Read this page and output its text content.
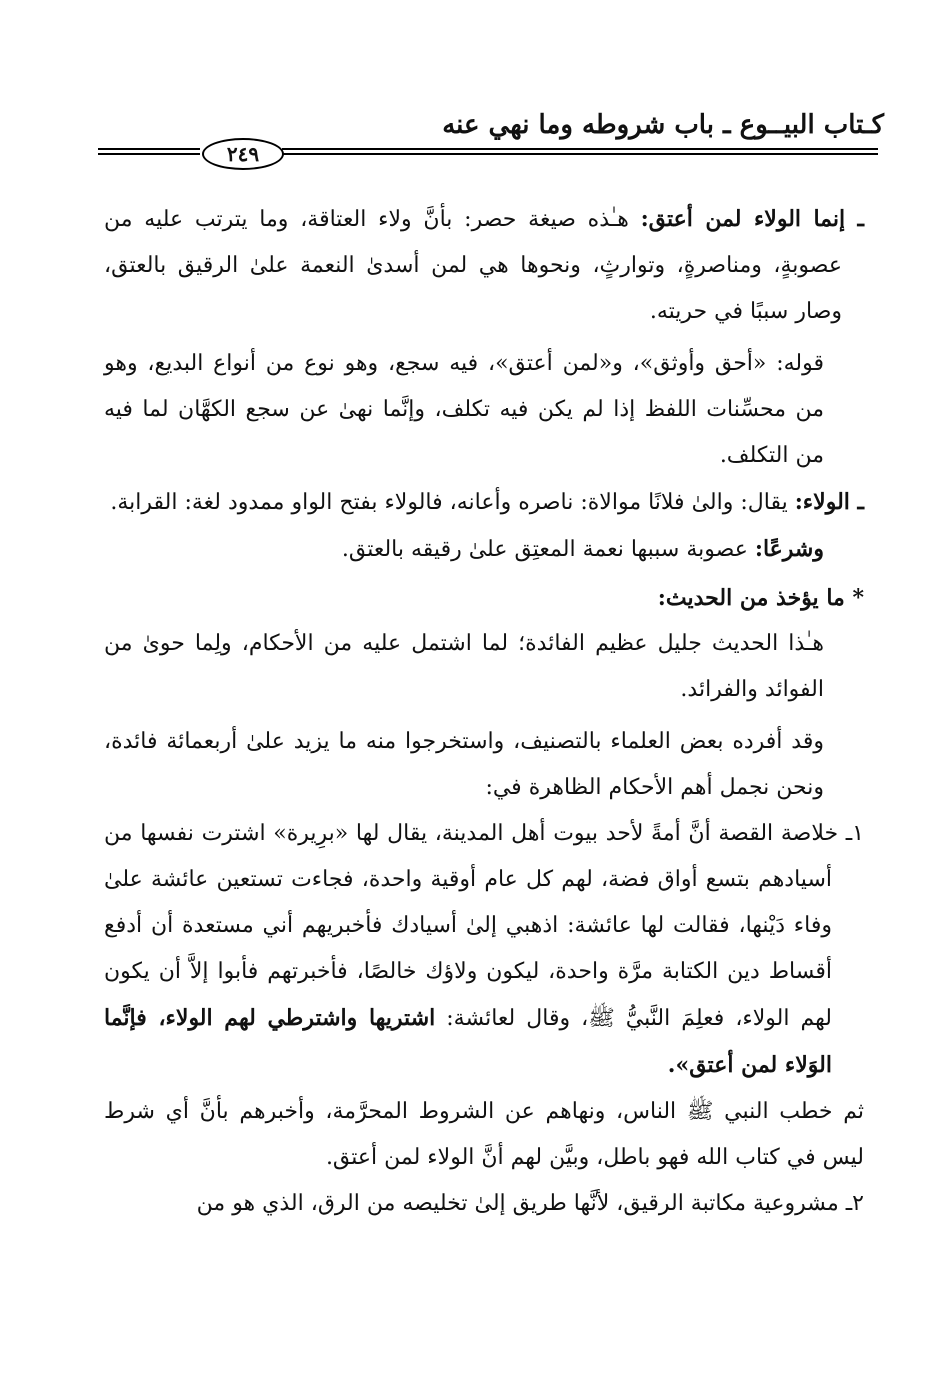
كـتاب البيــوع ـ باب شروطه وما نهي عنه
٢٤٩

ـ إنما الولاء لمن أعتق: هـٰذه صيغة حصر: بأنَّ ولاء العتاقة، وما يترتب عليه من عصوبةٍ، ومناصرةٍ، وتوارثٍ، ونحوها هي لمن أسدىٰ النعمة علىٰ الرقيق بالعتق، وصار سببًا في حريته.

قوله: «أحق وأوثق»، و«لمن أعتق»، فيه سجع، وهو نوع من أنواع البديع، وهو من محسِّنات اللفظ إذا لم يكن فيه تكلف، وإنَّما نهىٰ عن سجع الكهَّان لما فيه من التكلف.

ـ الولاء: يقال: والىٰ فلانًا موالاة: ناصره وأعانه، فالولاء بفتح الواو ممدود لغة: القرابة.

وشرعًا: عصوبة سببها نعمة المعتِق علىٰ رقيقه بالعتق.

* ما يؤخذ من الحديث:

هـٰذا الحديث جليل عظيم الفائدة؛ لما اشتمل عليه من الأحكام، ولِما حوىٰ من الفوائد والفرائد.

وقد أفرده بعض العلماء بالتصنيف، واستخرجوا منه ما يزيد علىٰ أربعمائة فائدة، ونحن نجمل أهم الأحكام الظاهرة في:

١ـ خلاصة القصة أنَّ أمةً لأحد بيوت أهل المدينة، يقال لها «برِيرة» اشترت نفسها من أسيادهم بتسع أواق فضة، لهم كل عام أوقية واحدة، فجاءت تستعين عائشة علىٰ وفاء دَيْنها، فقالت لها عائشة: اذهبي إلىٰ أسيادك فأخبريهم أني مستعدة أن أدفع أقساط دين الكتابة مرَّة واحدة، ليكون ولاؤك خالصًا، فأخبرتهم فأبوا إلاَّ أن يكون لهم الولاء، فعلِمَ النَّبيُّ ﷺ، وقال لعائشة: اشتريها واشترطي لهم الولاء، فإنَّما الوَلاء لمن أعتق».

ثم خطب النبي ﷺ الناس، ونهاهم عن الشروط المحرَّمة، وأخبرهم بأنَّ أي شرط ليس في كتاب الله فهو باطل، وبيَّن لهم أنَّ الولاء لمن أعتق.

٢ـ مشروعية مكاتبة الرقيق، لأنَّها طريق إلىٰ تخليصه من الرق، الذي هو من
